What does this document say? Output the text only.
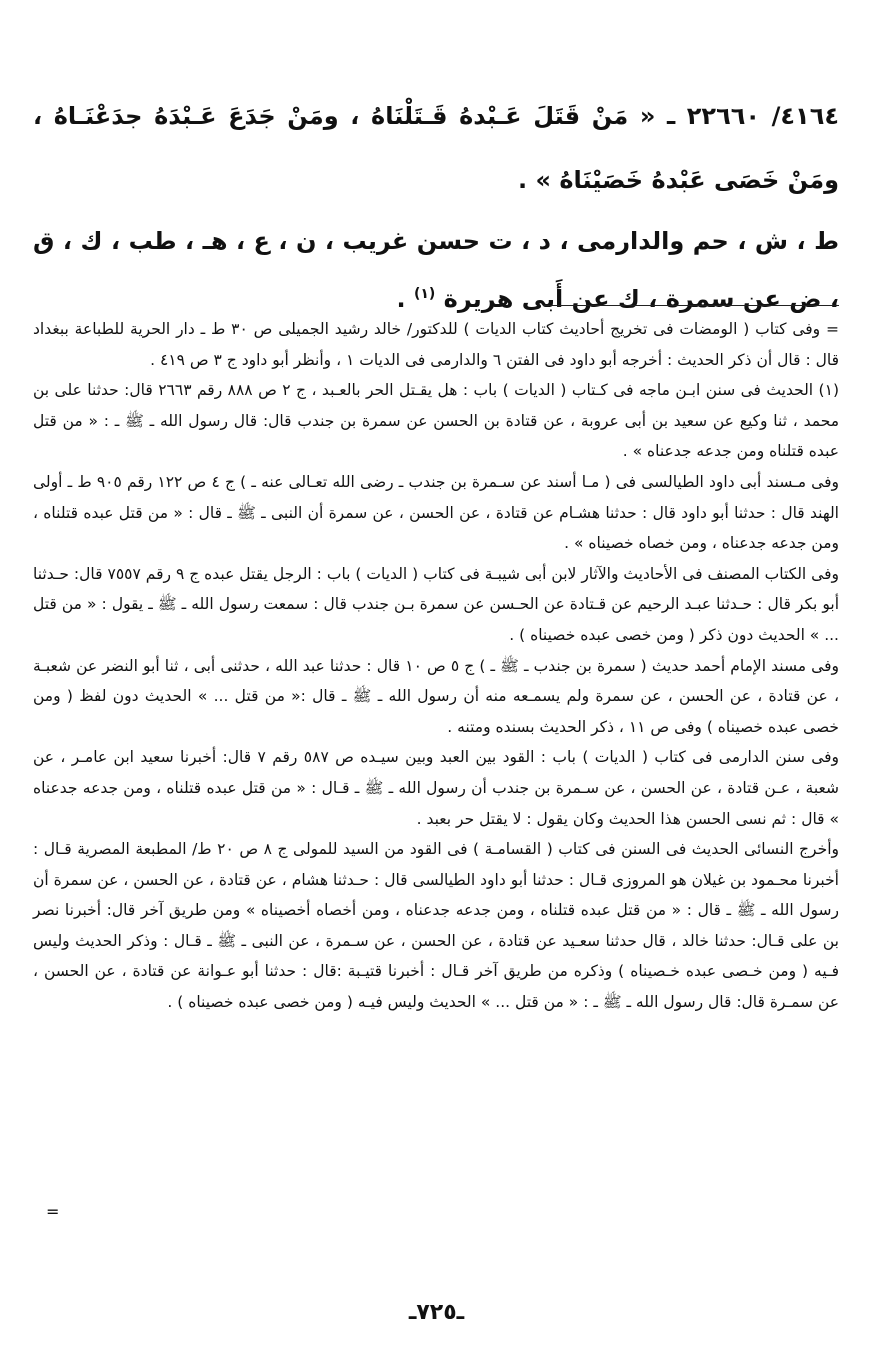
٤١٦٤/ ٢٢٦٦٠ ـ « مَنْ قَتَلَ عَـبْدهُ قَـتَلْنَاهُ ، ومَنْ جَدَعَ عَـبْدَهُ جدَعْنَـاهُ ، ومَنْ خَصَى عَبْدهُ خَصَيْنَاهُ » .

ط ، ش ، حم والدارمى ، د ، ت حسن غريب ، ن ، ع ، هـ ، طب ، ك ، ق ، ض عن سمرة ، ك عن أَبى هريرة $^{(١)}$ .

= وفى كتاب ( الومضات فى تخريج أحاديث كتاب الديات ) للدكتور/ خالد رشيد الجميلى ص ٣٠ ط ـ دار الحرية للطباعة ببغداد قال : قال أن ذكر الحديث : أخرجه أبو داود فى الفتن ٦ والدارمى فى الديات ١ ، وأنظر أبو داود ج ٣ ص ٤١٩ .

(١) الحديث فى سنن ابـن ماجه فى كـتاب ( الديات ) باب : هل يقـتل الحر بالعـبد ، ج ٢ ص ٨٨٨ رقم ٢٦٦٣ قال: حدثنا على بن محمد ، ثنا وكيع عن سعيد بن أبى عروبة ، عن قتادة بن الحسن عن سمرة بن جندب قال: قال رسول الله ـ ﷺ ـ : « من قتل عبده قتلناه ومن جدعه جدعناه » .

وفى مـسند أبى داود الطيالسى فى ( مـا أسند عن سـمرة بن جندب ـ رضى الله تعـالى عنه ـ ) ج ٤ ص ١٢٢ رقم ٩٠٥ ط ـ أولى الهند قال : حدثنا أبو داود قال : حدثنا هشـام عن قتادة ، عن الحسن ، عن سمرة أن النبى ـ ﷺ ـ قال : « من قتل عبده قتلناه ، ومن جدعه جدعناه ، ومن خصاه خصيناه » .

وفى الكتاب المصنف فى الأحاديث والآثار لابن أبى شيبـة فى كتاب ( الديات ) باب : الرجل يقتل عبده ج ٩ رقم ٧٥٥٧ قال: حـدثنا أبو بكر قال : حـدثنا عبـد الرحيم عن قـتادة عن الحـسن عن سمرة بـن جندب قال : سمعت رسول الله ـ ﷺ ـ يقول : « من قتل ... » الحديث دون ذكر ( ومن خصى عبده خصيناه ) .

وفى مسند الإمام أحمد حديث ( سمرة بن جندب ـ ﷺ ـ ) ج ٥ ص ١٠ قال : حدثنا عبد الله ، حدثنى أبى ، ثنا أبو النضر عن شعبـة ، عن قتادة ، عن الحسن ، عن سمرة ولم يسمـعه منه أن رسول الله ـ ﷺ ـ قال :« من قتل ... » الحديث دون لفظ ( ومن خصى عبده خصيناه ) وفى ص ١١ ، ذكر الحديث بسنده ومتنه .

وفى سنن الدارمى فى كتاب ( الديات ) باب : القود بين العبد وبين سيـده ص ٥٨٧ رقم ٧ قال: أخبرنا سعيد ابن عامـر ، عن شعبة ، عـن قتادة ، عن الحسن ، عن سـمرة بن جندب أن رسول الله ـ ﷺ ـ قـال : « من قتل عبده قتلناه ، ومن جدعه جدعناه » قال : ثم نسى الحسن هذا الحديث وكان يقول : لا يقتل حر بعبد .

وأخرج النسائى الحديث فى السنن فى كتاب ( القسامـة ) فى القود من السيد للمولى ج ٨ ص ٢٠ ط/ المطبعة المصرية قـال : أخبرنا محـمود بن غيلان هو المروزى قـال : حدثنا أبو داود الطيالسى قال : حـدثنا هشام ، عن قتادة ، عن الحسن ، عن سمرة أن رسول الله ـ ﷺ ـ قال : « من قتل عبده قتلناه ، ومن جدعه جدعناه ، ومن أخصاه أخصيناه » ومن طريق آخر قال: أخبرنا نصر بن على قـال: حدثنا خالد ، قال حدثنا سعـيد عن قتادة ، عن الحسن ، عن سـمرة ، عن النبى ـ ﷺ ـ قـال : وذكر الحديث وليس فـيه ( ومن خـصى عبده خـصيناه ) وذكره من طريق آخر قـال : أخبرنا قتيـبة :قال : حدثنا أبو عـوانة عن قتادة ، عن الحسن ، عن سمـرة قال: قال رسول الله ـ ﷺ ـ : « من قتل ... » الحديث وليس فيـه ( ومن خصى عبده خصيناه ) .

=
ـ٧٢٥ـ
